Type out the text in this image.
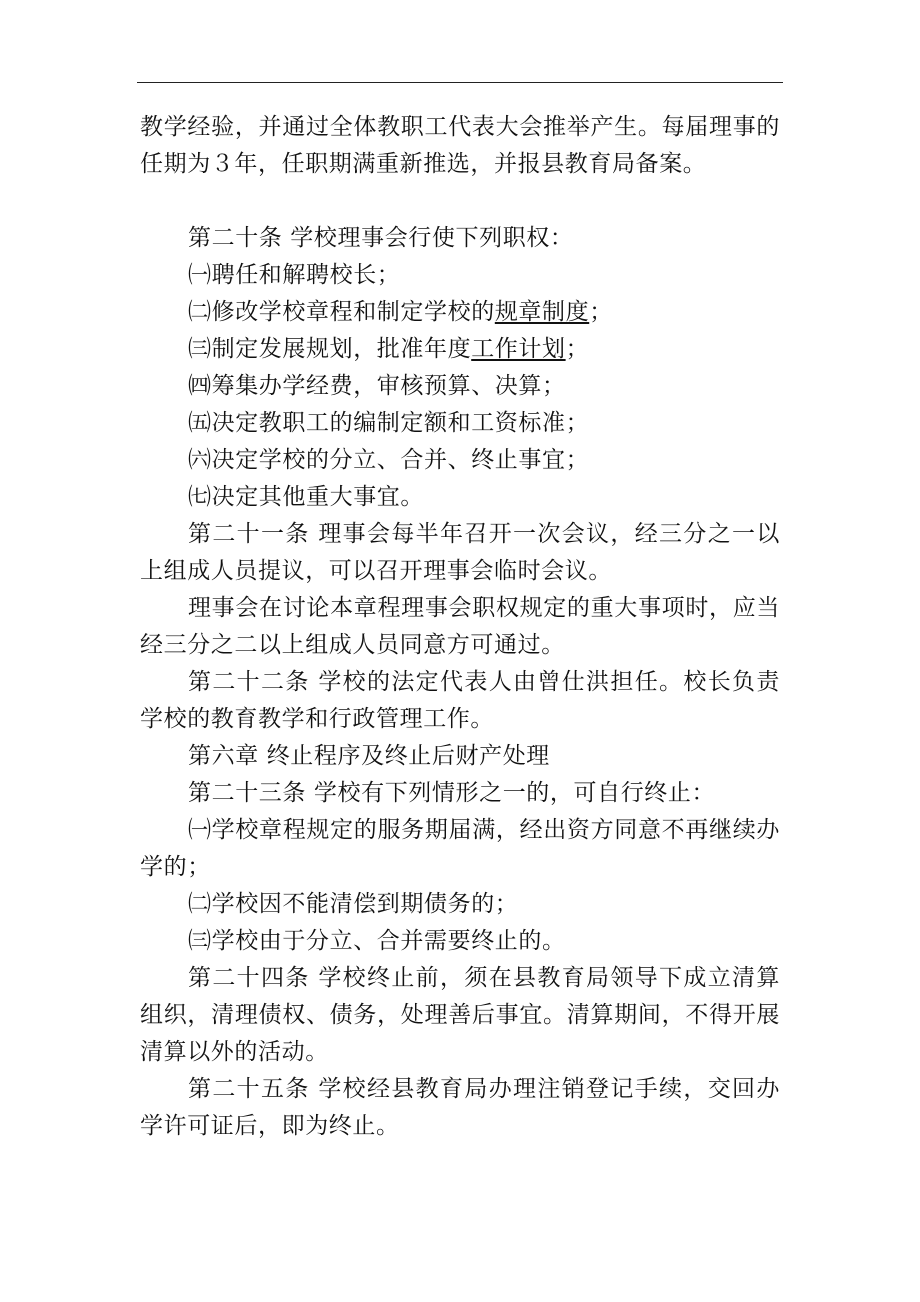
教学经验，并通过全体教职工代表大会推举产生。每届理事的任期为３年，任职期满重新推选，并报县教育局备案。

第二十条 学校理事会行使下列职权：

㈠聘任和解聘校长；

㈡修改学校章程和制定学校的规章制度；

㈢制定发展规划，批准年度工作计划；

㈣筹集办学经费，审核预算、决算；

㈤决定教职工的编制定额和工资标准；

㈥决定学校的分立、合并、终止事宜；

㈦决定其他重大事宜。

第二十一条 理事会每半年召开一次会议，经三分之一以上组成人员提议，可以召开理事会临时会议。

理事会在讨论本章程理事会职权规定的重大事项时，应当经三分之二以上组成人员同意方可通过。

第二十二条 学校的法定代表人由曾仕洪担任。校长负责学校的教育教学和行政管理工作。

第六章 终止程序及终止后财产处理

第二十三条 学校有下列情形之一的，可自行终止：

㈠学校章程规定的服务期届满，经出资方同意不再继续办学的；

㈡学校因不能清偿到期债务的；

㈢学校由于分立、合并需要终止的。

第二十四条 学校终止前，须在县教育局领导下成立清算组织，清理债权、债务，处理善后事宜。清算期间，不得开展清算以外的活动。

第二十五条 学校经县教育局办理注销登记手续，交回办学许可证后，即为终止。
